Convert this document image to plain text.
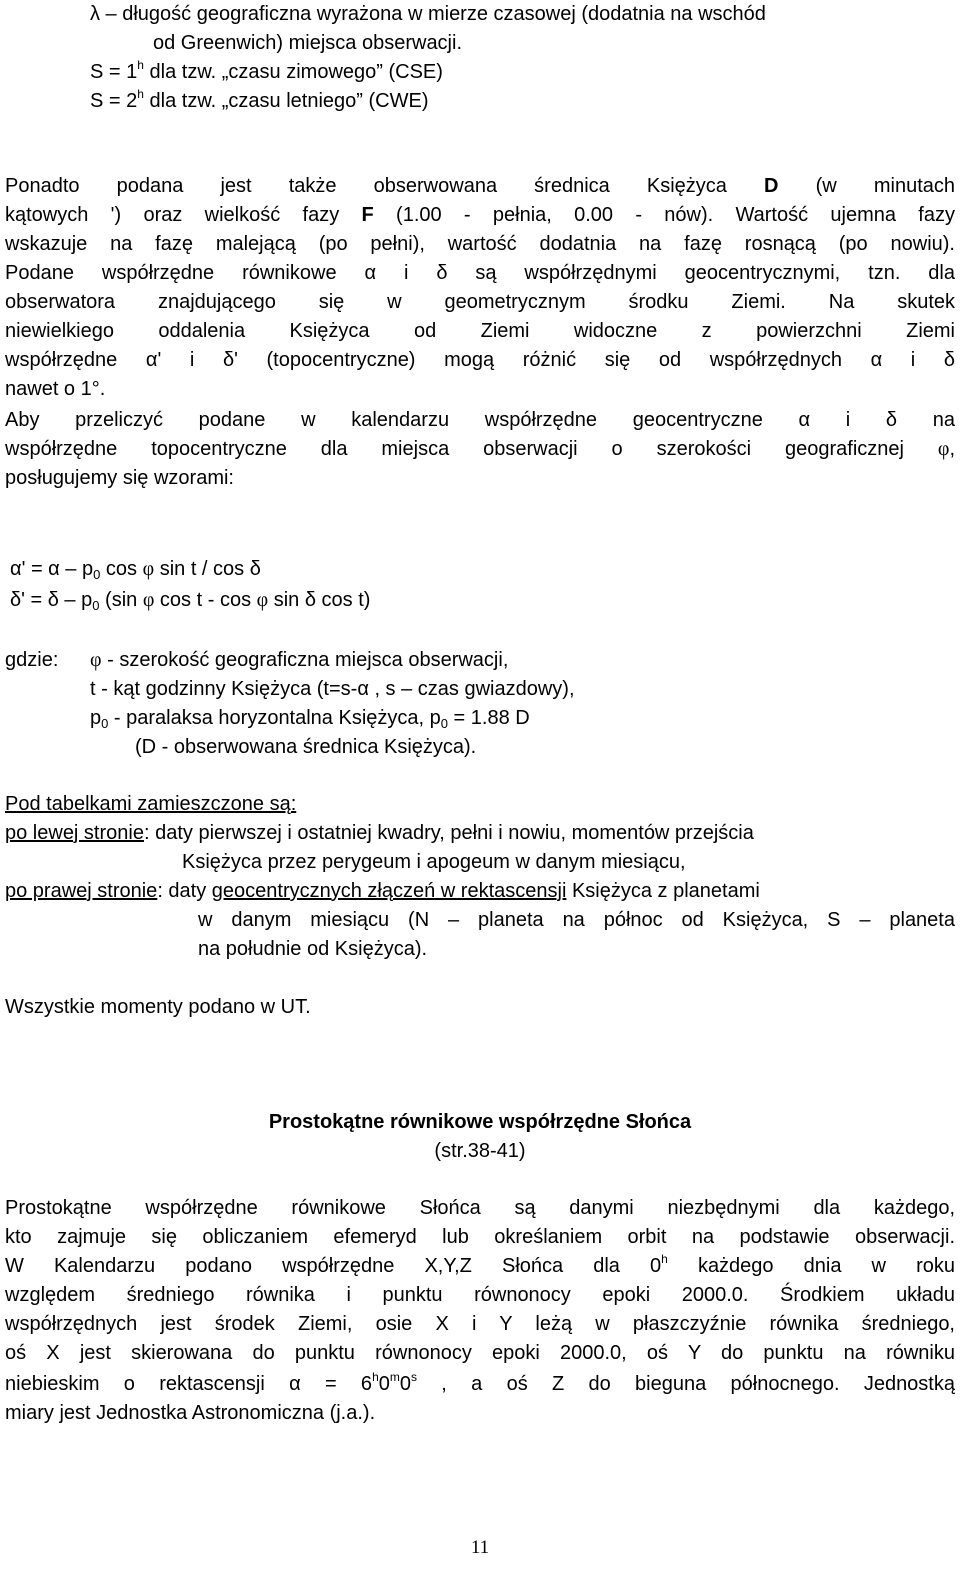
λ – długość geograficzna wyrażona w mierze czasowej (dodatnia na wschód
od Greenwich) miejsca obserwacji.
$S = 1^h$ dla tzw. „czasu zimowego” (CSE)
$S = 2^h$ dla tzw. „czasu letniego” (CWE)
Ponadto podana jest także obserwowana średnica Księżyca D (w minutach
kątowych ') oraz wielkość fazy F (1.00 - pełnia, 0.00 - nów). Wartość ujemna fazy
wskazuje na fazę malejącą (po pełni), wartość dodatnia na fazę rosnącą (po nowiu).
Podane współrzędne równikowe α i δ są współrzędnymi geocentrycznymi, tzn. dla
obserwatora znajdującego się w geometrycznym środku Ziemi. Na skutek
niewielkiego oddalenia Księżyca od Ziemi widoczne z powierzchni Ziemi
współrzędne α' i δ' (topocentryczne) mogą różnić się od współrzędnych α i δ
nawet o 1°.
Aby przeliczyć podane w kalendarzu współrzędne geocentryczne α i δ na
współrzędne topocentryczne dla miejsca obserwacji o szerokości geograficznej φ,
posługujemy się wzorami:
$\alpha' = \alpha - p_0$ cos φ sin t / cos δ
$\delta' = \delta - p_0$ (sin φ cos t - cos φ sin δ cos t)
gdzie:	φ - szerokość geograficzna miejsca obserwacji,
t - kąt godzinny Księżyca (t=s-α , s – czas gwiazdowy),
$p_0$ - paralaksa horyzontalna Księżyca, $p_0 = 1.88$ D
(D - obserwowana średnica Księżyca).
Pod tabelkami zamieszczone są:
po lewej stronie: daty pierwszej i ostatniej kwadry, pełni i nowiu, momentów przejścia
Księżyca przez perygeum i apogeum w danym miesiącu,
po prawej stronie: daty geocentrycznych złączeń w rektascensji Księżyca z planetami
w danym miesiącu (N – planeta na północ od Księżyca, S – planeta
na południe od Księżyca).
Wszystkie momenty podano w UT.
Prostokątne równikowe współrzędne Słońca
(str.38-41)
Prostokątne współrzędne równikowe Słońca są danymi niezbędnymi dla każdego,
kto zajmuje się obliczaniem efemeryd lub określaniem orbit na podstawie obserwacji.
W Kalendarzu podano współrzędne X,Y,Z Słońca dla 0$^h$ każdego dnia w roku
względem średniego równika i punktu równonocy epoki 2000.0. Środkiem układu
współrzędnych jest środek Ziemi, osie X i Y leżą w płaszczyźnie równika średniego,
oś X jest skierowana do punktu równonocy epoki 2000.0, oś Y do punktu na równiku
niebieskim o rektascensji $\alpha = 6^h0^m0^s$ , a oś Z do bieguna północnego. Jednostką
miary jest Jednostka Astronomiczna (j.a.).
11
